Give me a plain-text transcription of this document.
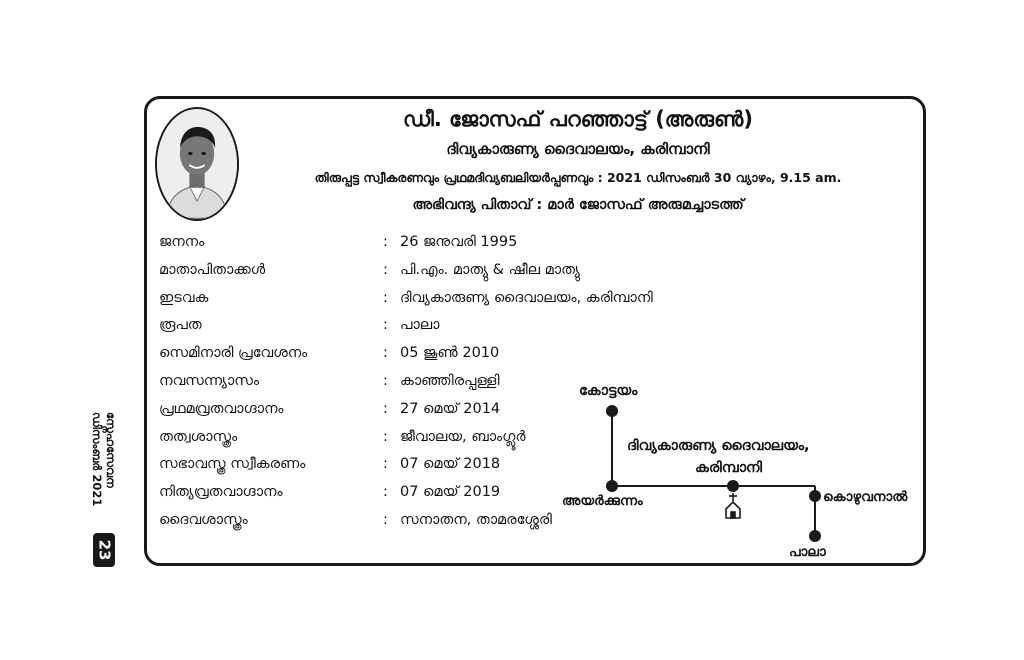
23
സ്നേഹസേവന
ഡിസംബർ 2021
ഡീ. ജോസഫ് പറഞ്ഞാട്ട് (അരുൺ)
ദിവ്യകാരുണ്യ ദൈവാലയം, കരിമ്പാനി
തിരുപ്പട്ട സ്വീകരണവും പ്രഥമദിവ്യബലിയർപ്പണവും : 2021 ഡിസംബർ 30 വ്യാഴം, 9.15 am.
അഭിവന്ദ്യ പിതാവ് : മാർ ജോസഫ് അരുമച്ചാടത്ത്
ജനനം	: 26 ജനുവരി 1995
മാതാപിതാക്കൾ	: പി.എം. മാത്യു & ഷീല മാത്യു
ഇടവക	: ദിവ്യകാരുണ്യ ദൈവാലയം, കരിമ്പാനി
രൂപത	: പാലാ
സെമിനാരി പ്രവേശനം	: 05 ജൂൺ 2010
നവസന്ന്യാസം	: കാഞ്ഞിരപ്പള്ളി
പ്രഥമവ്രതവാഗ്ദാനം	: 27 മെയ് 2014
തത്വശാസ്ത്രം	: ജീവാലയ, ബാംഗ്ലൂർ
സഭാവസ്ത്ര സ്വീകരണം	: 07 മെയ് 2018
നിത്യവ്രതവാഗ്ദാനം	: 07 മെയ് 2019
ദൈവശാസ്ത്രം	: സനാതന, താമരശ്ശേരി
കോട്ടയം
ദിവ്യകാരുണ്യ ദൈവാലയം,
കരിമ്പാനി
അയർക്കുന്നം	കൊഴുവനാൽ
പാലാ
